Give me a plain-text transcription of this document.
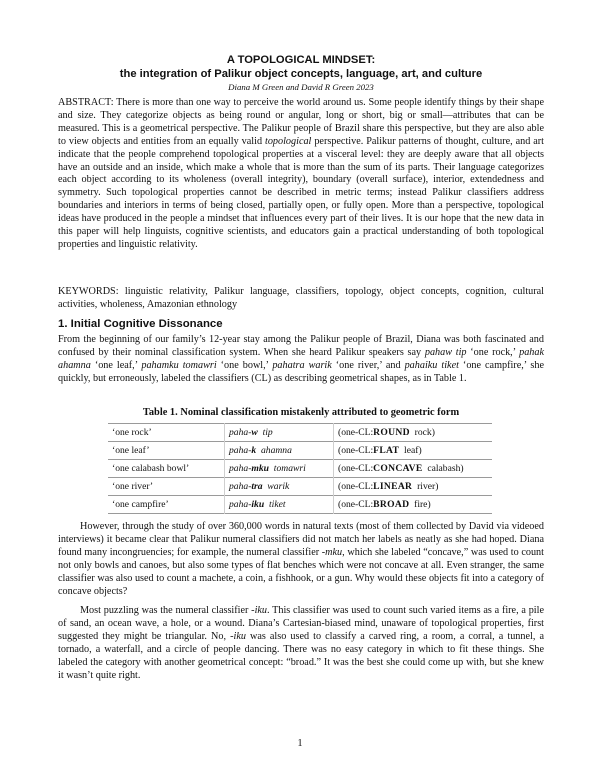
A TOPOLOGICAL MINDSET:
the integration of Palikur object concepts, language, art, and culture
Diana M Green and David R Green 2023
ABSTRACT: There is more than one way to perceive the world around us. Some people identify things by their shape and size. They categorize objects as being round or angular, long or short, big or small—attributes that can be measured. This is a geometrical perspective. The Palikur people of Brazil share this perspective, but they are also able to view objects and entities from an equally valid topological perspective. Palikur patterns of thought, culture, and art indicate that the people comprehend topological properties at a visceral level: they are deeply aware that all objects have an outside and an inside, which make a whole that is more than the sum of its parts. Their language categorizes each object according to its wholeness (overall integrity), boundary (overall surface), interior, extendedness and symmetry. Such topological properties cannot be described in metric terms; instead Palikur classifiers address boundaries and interiors in terms of being closed, partially open, or fully open. More than a perspective, topological ideas have produced in the people a mindset that influences every part of their lives. It is our hope that the new data in this paper will help linguists, cognitive scientists, and educators gain a practical understanding of both topological properties and linguistic relativity.
KEYWORDS: linguistic relativity, Palikur language, classifiers, topology, object concepts, cognition, cultural activities, wholeness, Amazonian ethnology
1. Initial Cognitive Dissonance
From the beginning of our family’s 12-year stay among the Palikur people of Brazil, Diana was both fascinated and confused by their nominal classification system. When she heard Palikur speakers say pahaw tip ‘one rock,’ pahak ahamna ‘one leaf,’ pahamku tomawri ‘one bowl,’ pahatra warik ‘one river,’ and pahaiku tiket ‘one campfire,’ she quickly, but erroneously, labeled the classifiers (CL) as describing geometrical shapes, as in Table 1.
Table 1. Nominal classification mistakenly attributed to geometric form
‘one rock’	paha-w tip	(one-CL:ROUND rock)
‘one leaf’	paha-k ahamna	(one-CL:FLAT leaf)
‘one calabash bowl’	paha-mku tomawri	(one-CL:CONCAVE calabash)
‘one river’	paha-tra warik	(one-CL:LINEAR river)
‘one campfire’	paha-iku tiket	(one-CL:BROAD fire)
However, through the study of over 360,000 words in natural texts (most of them collected by David via videoed interviews) it became clear that Palikur numeral classifiers did not match her labels as neatly as she had hoped. Diana found many incongruencies; for example, the numeral classifier -mku, which she labeled “concave,” was used to count not only bowls and canoes, but also some types of flat benches which were not concave at all. Even stranger, the same classifier was also used to count a machete, a coin, a fishhook, or a gun. Why would these objects fit into a category of concave objects?
Most puzzling was the numeral classifier -iku. This classifier was used to count such varied items as a fire, a pile of sand, an ocean wave, a hole, or a wound. Diana’s Cartesian-biased mind, unaware of topological properties, first suggested they might be triangular. No, -iku was also used to classify a carved ring, a room, a corral, a tunnel, a tornado, a waterfall, and a circle of people dancing. There was no easy category in which to fit these things. She labeled the category with another geometrical concept: “broad.” It was the best she could come up with, but she knew it wasn’t quite right.
1
